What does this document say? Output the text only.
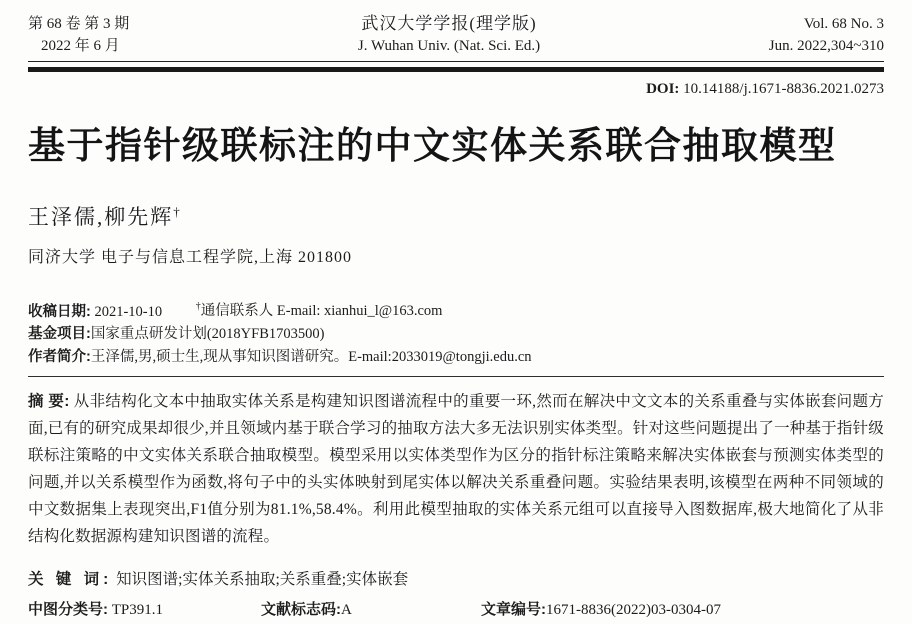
第 68 卷 第 3 期
2022 年 6 月
武汉大学学报(理学版)
J. Wuhan Univ. (Nat. Sci. Ed.)
Vol. 68 No. 3
Jun. 2022,304~310
DOI: 10.14188/j.1671-8836.2021.0273
基于指针级联标注的中文实体关系联合抽取模型
王泽儒,柳先辉†
同济大学 电子与信息工程学院,上海 201800
收稿日期: 2021-10-10	†通信联系人 E-mail: xianhui_l@163.com
基金项目:国家重点研发计划(2018YFB1703500)
作者简介:王泽儒,男,硕士生,现从事知识图谱研究。E-mail:2033019@tongji.edu.cn

摘 要: 从非结构化文本中抽取实体关系是构建知识图谱流程中的重要一环,然而在解决中文文本的关系重叠与实体嵌套问题方面,已有的研究成果却很少,并且领域内基于联合学习的抽取方法大多无法识别实体类型。针对这些问题提出了一种基于指针级联标注策略的中文实体关系联合抽取模型。模型采用以实体类型作为区分的指针标注策略来解决实体嵌套与预测实体类型的问题,并以关系模型作为函数,将句子中的头实体映射到尾实体以解决关系重叠问题。实验结果表明,该模型在两种不同领域的中文数据集上表现突出,F1值分别为81.1%,58.4%。利用此模型抽取的实体关系元组可以直接导入图数据库,极大地简化了从非结构化数据源构建知识图谱的流程。

关 键 词: 知识图谱;实体关系抽取;关系重叠;实体嵌套
中图分类号: TP391.1	文献标志码:A	文章编号:1671-8836(2022)03-0304-07
